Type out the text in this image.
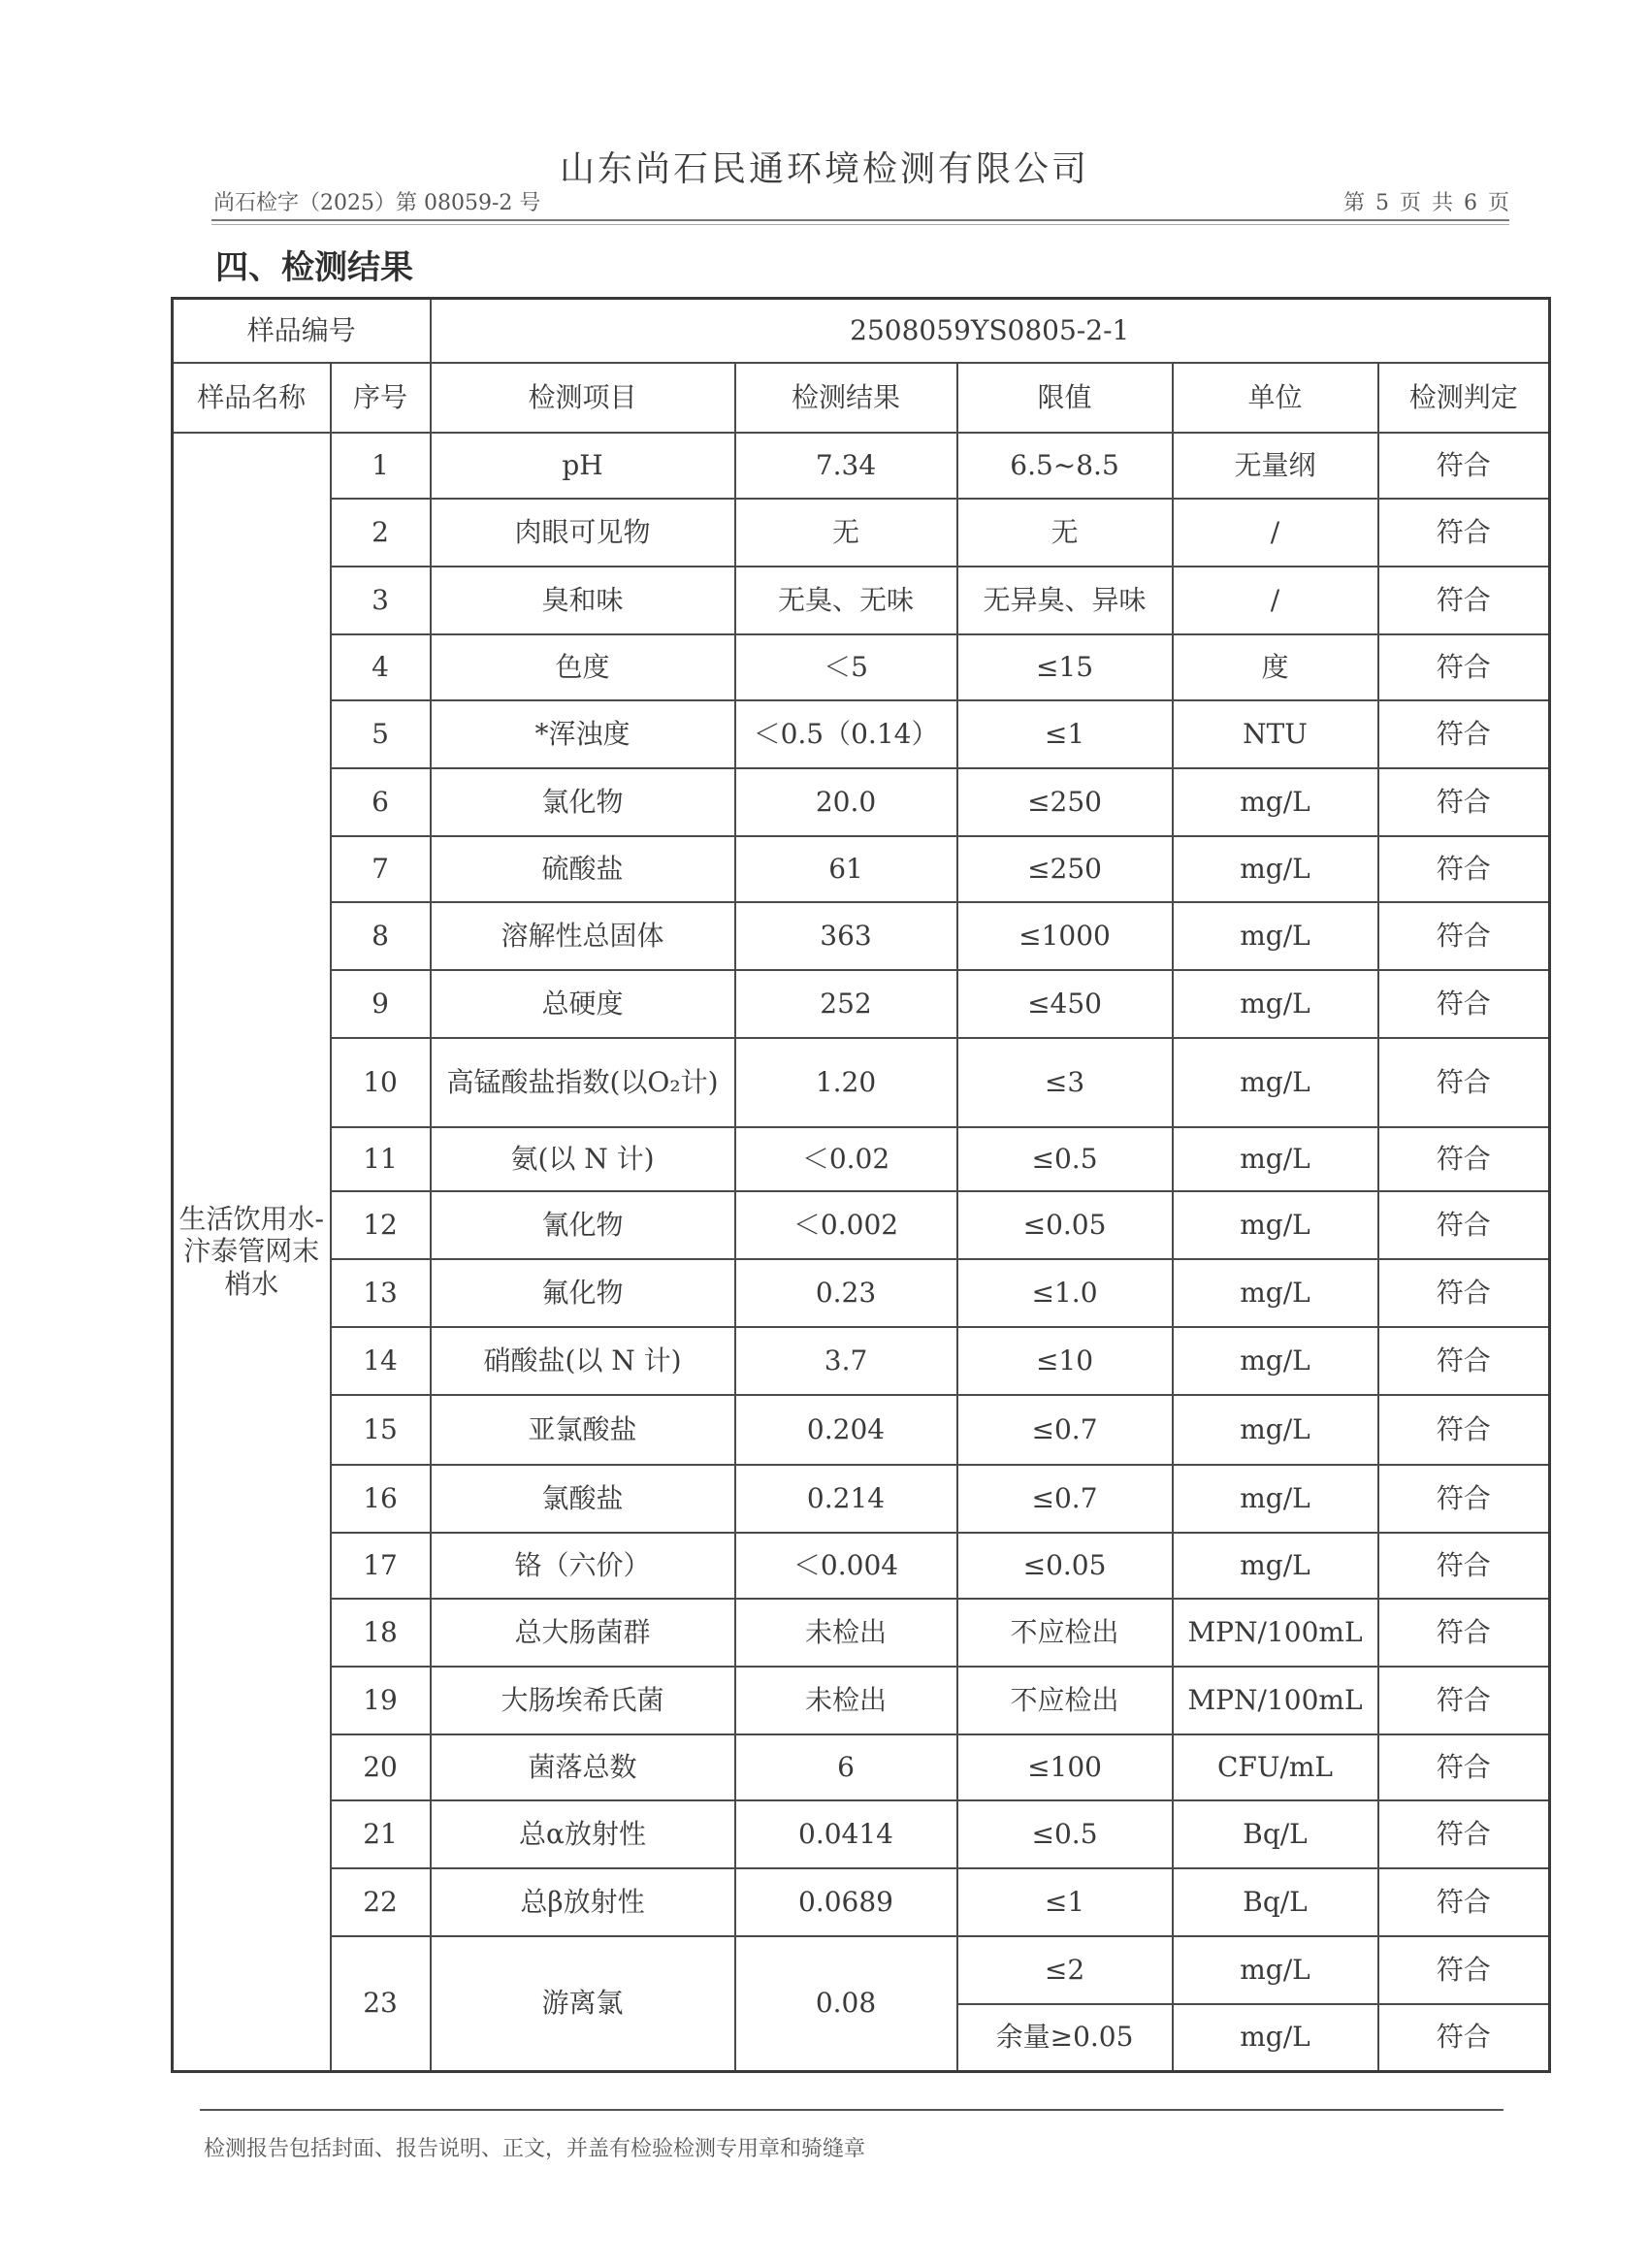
山东尚石民通环境检测有限公司
尚石检字（2025）第 08059-2 号	第 5 页 共 6 页
四、检测结果
样品编号		2508059YS0805-2-1				
样品名称	序号	检测项目	检测结果	限值	单位	检测判定
生活饮用水-汴泰管网末梢水	1	pH	7.34	6.5~8.5	无量纲	符合
	2	肉眼可见物	无	无	/	符合
	3	臭和味	无臭、无味	无异臭、异味	/	符合
	4	色度	＜5	≤15	度	符合
	5	*浑浊度	＜0.5（0.14）	≤1	NTU	符合
	6	氯化物	20.0	≤250	mg/L	符合
	7	硫酸盐	61	≤250	mg/L	符合
	8	溶解性总固体	363	≤1000	mg/L	符合
	9	总硬度	252	≤450	mg/L	符合
	10	高锰酸盐指数(以O₂计)	1.20	≤3	mg/L	符合
	11	氨(以 N 计)	＜0.02	≤0.5	mg/L	符合
	12	氰化物	＜0.002	≤0.05	mg/L	符合
	13	氟化物	0.23	≤1.0	mg/L	符合
	14	硝酸盐(以 N 计)	3.7	≤10	mg/L	符合
	15	亚氯酸盐	0.204	≤0.7	mg/L	符合
	16	氯酸盐	0.214	≤0.7	mg/L	符合
	17	铬（六价）	＜0.004	≤0.05	mg/L	符合
	18	总大肠菌群	未检出	不应检出	MPN/100mL	符合
	19	大肠埃希氏菌	未检出	不应检出	MPN/100mL	符合
	20	菌落总数	6	≤100	CFU/mL	符合
	21	总α放射性	0.0414	≤0.5	Bq/L	符合
	22	总β放射性	0.0689	≤1	Bq/L	符合
	23	游离氯	0.08	≤2	mg/L	符合
				余量≥0.05	mg/L	符合
检测报告包括封面、报告说明、正文，并盖有检验检测专用章和骑缝章
